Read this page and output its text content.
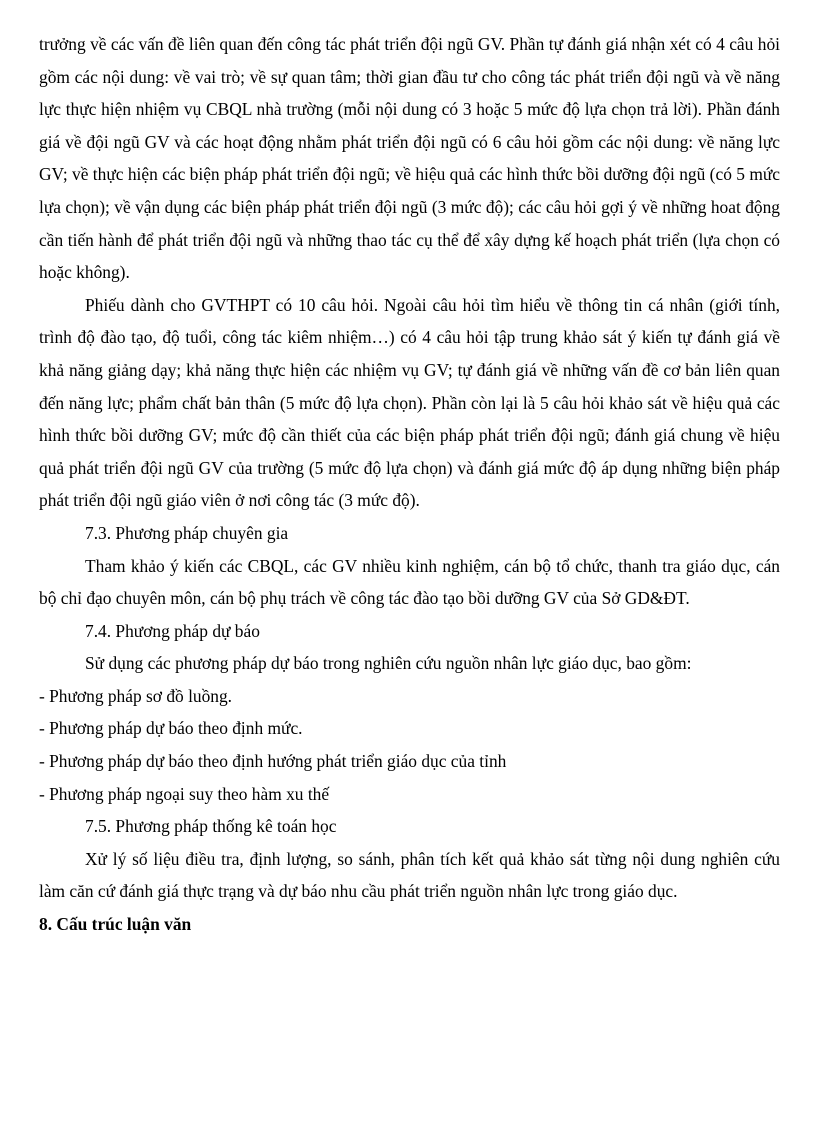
trưởng về các vấn đề liên quan đến công tác phát triển đội ngũ GV. Phần tự đánh giá nhận xét có 4 câu hỏi gồm các nội dung: về vai trò; về sự quan tâm; thời gian đầu tư cho công tác phát triển đội ngũ và về năng lực thực hiện nhiệm vụ CBQL nhà trường (mỗi nội dung có 3 hoặc 5 mức độ lựa chọn trả lời). Phần đánh giá về đội ngũ GV và các hoạt động nhằm phát triển đội ngũ có 6 câu hỏi gồm các nội dung: về năng lực GV; về thực hiện các biện pháp phát triển đội ngũ; về hiệu quả các hình thức bồi dưỡng đội ngũ (có 5 mức lựa chọn); về vận dụng các biện pháp phát triển đội ngũ (3 mức độ); các câu hỏi gợi ý về những hoat động cần tiến hành để phát triển đội ngũ và những thao tác cụ thể để xây dựng kế hoạch phát triển (lựa chọn có hoặc không).

Phiếu dành cho GVTHPT có 10 câu hỏi. Ngoài câu hỏi tìm hiểu về thông tin cá nhân (giới tính, trình độ đào tạo, độ tuổi, công tác kiêm nhiệm…) có 4 câu hỏi tập trung khảo sát ý kiến tự đánh giá về khả năng giảng dạy; khả năng thực hiện các nhiệm vụ GV; tự đánh giá về những vấn đề cơ bản liên quan đến năng lực; phẩm chất bản thân (5 mức độ lựa chọn). Phần còn lại là 5 câu hỏi khảo sát về hiệu quả các hình thức bồi dưỡng GV; mức độ cần thiết của các biện pháp phát triển đội ngũ; đánh giá chung về hiệu quả phát triển đội ngũ GV của trường (5 mức độ lựa chọn) và đánh giá mức độ áp dụng những biện pháp phát triển đội ngũ giáo viên ở nơi công tác (3 mức độ).

7.3. Phương pháp chuyên gia

Tham khảo ý kiến các CBQL, các GV nhiều kinh nghiệm, cán bộ tổ chức, thanh tra giáo dục, cán bộ chỉ đạo chuyên môn, cán bộ phụ trách về công tác đào tạo bồi dưỡng GV của Sở GD&ĐT.

7.4. Phương pháp dự báo

Sử dụng các phương pháp dự báo trong nghiên cứu nguồn nhân lực giáo dục, bao gồm:

- Phương pháp sơ đồ luồng.

- Phương pháp dự báo theo định mức.

- Phương pháp dự báo theo định hướng phát triển giáo dục của tỉnh

- Phương pháp ngoại suy theo hàm xu thế

7.5. Phương pháp thống kê toán học

Xử lý số liệu điều tra, định lượng, so sánh, phân tích kết quả khảo sát từng nội dung nghiên cứu làm căn cứ đánh giá thực trạng và dự báo nhu cầu phát triển nguồn nhân lực trong giáo dục.

8. Cấu trúc luận văn
